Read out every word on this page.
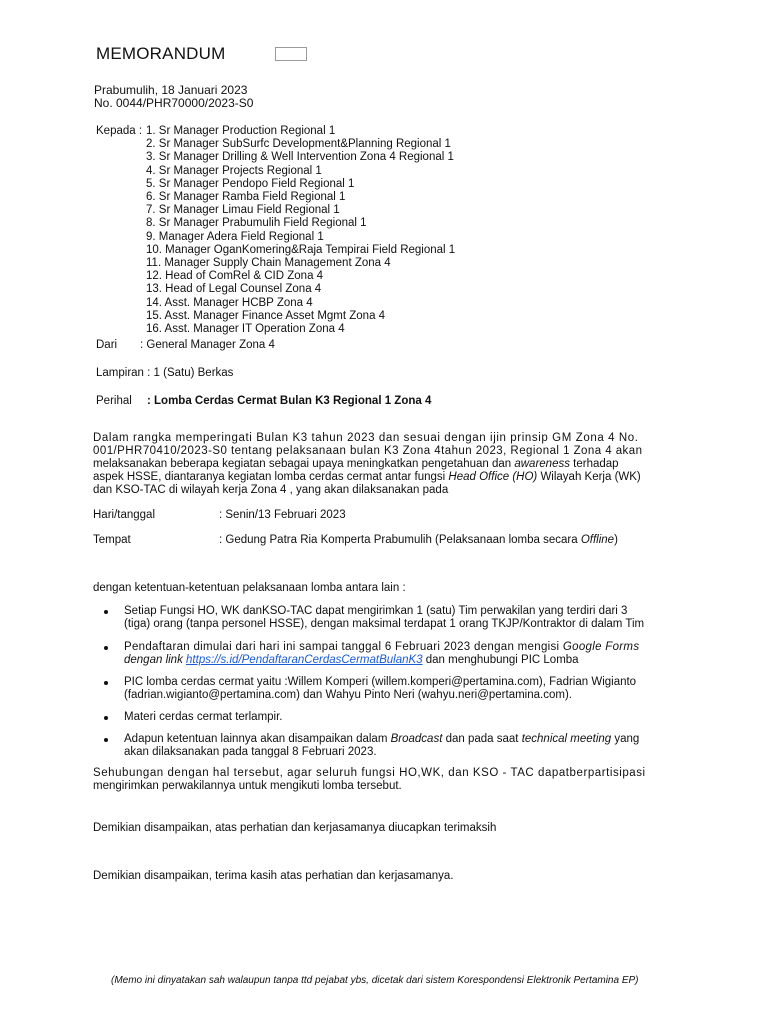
MEMORANDUM
Prabumulih, 18 Januari 2023
No. 0044/PHR70000/2023-S0
Kepada : 1. Sr Manager Production Regional 1
2. Sr Manager SubSurfc Development&Planning Regional 1
3. Sr Manager Drilling & Well Intervention Zona 4 Regional 1
4. Sr Manager Projects Regional 1
5. Sr Manager Pendopo Field Regional 1
6. Sr Manager Ramba Field Regional 1
7. Sr Manager Limau Field Regional 1
8. Sr Manager Prabumulih Field Regional 1
9. Manager Adera Field Regional 1
10. Manager OganKomering&Raja Tempirai Field Regional 1
11. Manager Supply Chain Management Zona 4
12. Head of ComRel & CID Zona 4
13. Head of Legal Counsel Zona 4
14. Asst. Manager HCBP Zona 4
15. Asst. Manager Finance Asset Mgmt Zona 4
16. Asst. Manager IT Operation Zona 4
Dari : General Manager Zona 4
Lampiran : 1 (Satu) Berkas
Perihal : Lomba Cerdas Cermat Bulan K3 Regional 1 Zona 4
Dalam rangka memperingati Bulan K3 tahun 2023 dan sesuai dengan ijin prinsip GM Zona 4 No.
001/PHR70410/2023-S0 tentang pelaksanaan bulan K3 Zona 4tahun 2023, Regional 1 Zona 4 akan
melaksanakan beberapa kegiatan sebagai upaya meningkatkan pengetahuan dan awareness terhadap
aspek HSSE, diantaranya kegiatan lomba cerdas cermat antar fungsi Head Office (HO) Wilayah Kerja (WK)
dan KSO-TAC di wilayah kerja Zona 4 , yang akan dilaksanakan pada
Hari/tanggal	: Senin/13 Februari 2023
Tempat	: Gedung Patra Ria Komperta Prabumulih (Pelaksanaan lomba secara Offline)
dengan ketentuan-ketentuan pelaksanaan lomba antara lain :
Setiap Fungsi HO, WK danKSO-TAC dapat mengirimkan 1 (satu) Tim perwakilan yang terdiri dari 3
(tiga) orang (tanpa personel HSSE), dengan maksimal terdapat 1 orang TKJP/Kontraktor di dalam Tim
Pendaftaran dimulai dari hari ini sampai tanggal 6 Februari 2023 dengan mengisi Google Forms
dengan link https://s.id/PendaftaranCerdasCermatBulanK3 dan menghubungi PIC Lomba
PIC lomba cerdas cermat yaitu :Willem Komperi (willem.komperi@pertamina.com), Fadrian Wigianto
(fadrian.wigianto@pertamina.com) dan Wahyu Pinto Neri (wahyu.neri@pertamina.com).
Materi cerdas cermat terlampir.
Adapun ketentuan lainnya akan disampaikan dalam Broadcast dan pada saat technical meeting yang
akan dilaksanakan pada tanggal 8 Februari 2023.
Sehubungan dengan hal tersebut, agar seluruh fungsi HO,WK, dan KSO - TAC dapatberpartisipasi
mengirimkan perwakilannya untuk mengikuti lomba tersebut.
Demikian disampaikan, atas perhatian dan kerjasamanya diucapkan terimaksih
Demikian disampaikan, terima kasih atas perhatian dan kerjasamanya.
(Memo ini dinyatakan sah walaupun tanpa ttd pejabat ybs, dicetak dari sistem Korespondensi Elektronik Pertamina EP)
